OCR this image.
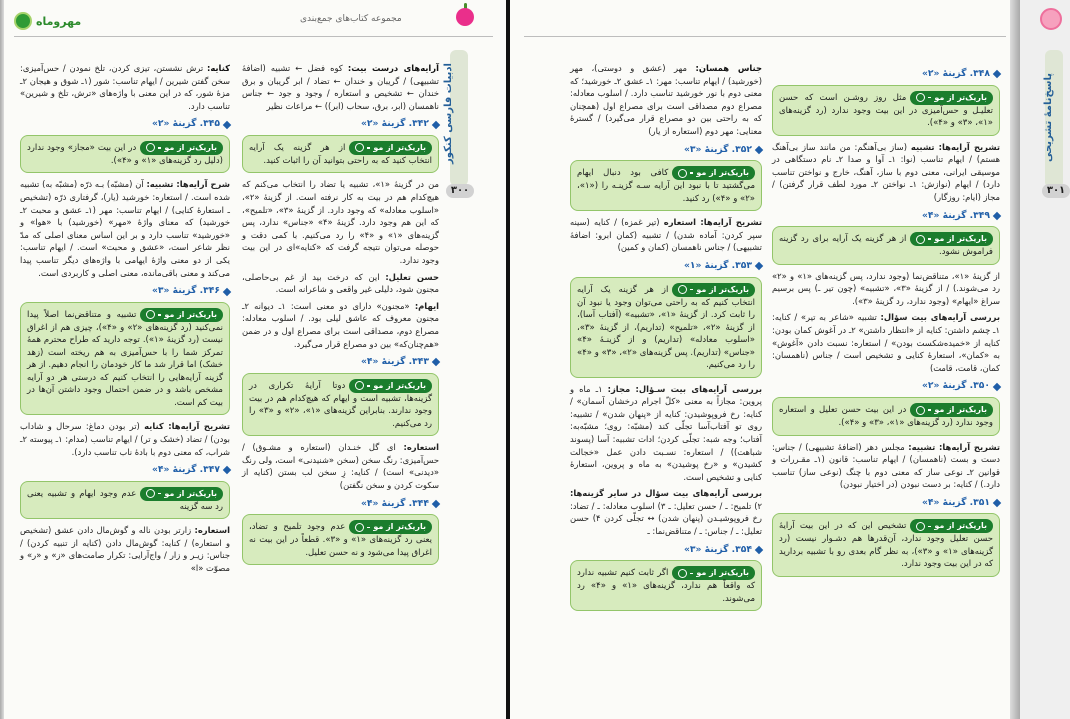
مهروماه	مجموعه کتاب‌های جمع‌بندی
ادبیات فارسی کنکور
۳۰۰

آرایه‌های درست بیت: کوه فضل ← تشبیه (اضافهٔ تشبیهی) / گریبان و خندان ← تضاد / ابر گریبان و برق خندان ← تشخیص و استعاره / وجود و جود ← جناس ناهمسان (ابر، برق، سحاب (ابر)) ← مراعات نظیر

۳۴۲. گزینهٔ «۲»
باریک‌تر از مو
از هر گزینه یک آرایه انتخاب کنید که به راحتی بتوانید آن را اثبات کنید.

من در گزینهٔ «۱»، تشبیه یا تضاد را انتخاب می‌کنم که هیچ‌کدام هم در بیت به کار نرفته است. از گزینهٔ «۲»، «اسلوب معادله» که وجود دارد. از گزینهٔ «۳»، «تلمیح»، که این هم وجود دارد. گزینهٔ «۴» «جناس» ندارد، پس گزینه‌های «۱» و «۴» را رد می‌کنیم. با کمی دقت و حوصله می‌توان نتیجه گرفت که «کنایه»‌ای در این بیت وجود ندارد.

حسن تعلیل: این که درخت بید از غم بی‌حاصلی، مجنون شود، دلیلی غیر واقعی و شاعرانه است.

ایهام: «مجنون» دارای دو معنی است: ۱ـ دیوانه ۲ـ مجنون معروف که عاشق لیلی بود. / اسلوب معادله: مصراع دوم، مصداقی است برای مصراع اول و در ضمن «هم‌چنان‌که» بین دو مصراع قرار می‌گیرد.

۳۴۳. گزینهٔ «۴»
باریک‌تر از مو
دوتا آرایهٔ تکراری در گزینه‌ها، تشبیه است و ایهام که هیچ‌کدام هم در بیت وجود ندارند. بنابراین گزینه‌های «۱»، «۲» و «۳» را رد می‌کنیم.

استعاره: ای گل خنـدان (استعاره و مشـوق) / حس‌آمیزی: رنگ سخن (سخن «شنیدنی» است، ولی رنگ «دیدنی» است) / کنایه: زِ سخن لب بستن (کنایه از سکوت کردن و سخن نگفتن)

۳۴۴. گزینهٔ «۴»
باریک‌تر از مو
عدم وجود تلمیح و تضاد، یعنی رد گزینه‌های «۱» و «۳». قطعاً در این بیت نه اغراق پیدا می‌شود و نه حسن تعلیل.

کنایه: ترش نشستن، تیزی کردن، تلخ نمودن / حس‌آمیزی: سخن گفتن شیرین / ایهام تناسب: شور (۱ـ شوق و هیجان ۲ـ مزهٔ شور، که در این معنی با واژه‌های «ترش، تلخ و شیرین» تناسب دارد.

۳۴۵. گزینهٔ «۲»
باریک‌تر از مو
در این بیت «مجاز» وجود ندارد (دلیل رد گزینه‌های «۱» و «۴»).

شرح آرایه‌ها: تشبیه: آن (مشبّه) بـه ذرّه (مشبّه به) تشبیه شده است. / استعاره: خورشید (یار)، گرفتاری ذرّه (تشخیص ـ استعارهٔ کنایی) / ایهام تناسب: مهر (۱ـ عشق و محبت ۲ـ خورشید) که معنای واژهٔ «مهر» (خورشید) با «هوا» و «خورشید» تناسب دارد و بر این اساس معنای اصلی که مدّ نظر شاعر است، «عشق و محبت» است. / ایهام تناسب: یکی از دو معنی واژهٔ ایهامی با واژه‌های دیگر تناسب پیدا می‌کند و معنی باقی‌مانده، معنی اصلی و کاربردی است.

۳۴۶. گزینهٔ «۳»
باریک‌تر از مو
تشبیه و متناقض‌نما اصلاً پیدا نمی‌کنید (رد گزینه‌های «۲» و «۴»)، چیزی هم از اغراق نیست (رد گزینهٔ «۱»). توجه دارید که طراح محترم همهٔ تمرکز شما را با حس‌آمیزی به هم ریخته است (زهد خشک) اما قرار شد ما کار خودمان را انجام دهیم. از هر گزینه آرایه‌هایی را انتخاب کنیم که درستی هر دو آرایه مشخص باشد و در ضمن احتمال وجود داشتن آن‌ها در بیت کم است.

تشریح آرایه‌ها: کنایه (تر بودن دماغ: سرحال و شاداب بودن) / تضاد (خشک و تر) / ایهام تناسب (مدام: ۱ـ پیوسته ۲ـ شراب، که معنی دوم با بادهٔ ناب تناسب دارد).

۳۴۷. گزینهٔ «۴»
باریک‌تر از مو
عدم وجود ایهام و تشبیه یعنی رد سه گزینه

استعاره: زارتر بودن ناله و گوش‌مال دادن عشق (تشخیص و استعاره) / کنایه: گوش‌مال دادن (کنایه از تنبیه کردن) / جناس: زیـر و زار / واج‌آرایی: تکرار صامت‌های «ز» و «ر» و مصوّت «ا»

پاسخ‌نامهٔ تشریحی
۳۰۱

جناس همسان: مهر (عشق و دوستی)، مهر (خورشید) / ایهام تناسب: مهر: ۱ـ عشق ۲ـ خورشید؛ که معنی دوم با نور خورشید تناسب دارد. / اسلوب معادله: مصراع دوم مصداقی است برای مصراع اول (همچنان که به راحتی بین دو مصراع قرار می‌گیرد) / گسترهٔ معنایی: مهر دوم (استعاره از یار)

۳۵۲. گزینهٔ «۳»
باریک‌تر از مو
کافی بود دنبال ایهام می‌گشتید تا با نبود این آرایه سـه گزینـه را («۱»، «۲» و «۴») رد کنید.

تشریح آرایه‌ها: استعاره (تیر غمزه) / کنایه (سینه سپر کردن: آماده شدن) / تشبیه (کمان ابرو: اضافهٔ تشبیهی) / جناس ناهمسان (کمان و کمین)

۳۵۳. گزینهٔ «۱»
باریک‌تر از مو
از هر گزینه یک آرایه انتخاب کنیم که به راحتی می‌توان وجود یا نبود آن را ثابت کرد. از گزینهٔ «۱»، «تشبیه» (آفتاب آسا)، از گزینهٔ «۲»، «تلمیح» (تداریم)، از گزینهٔ «۳»، «اسلوب معادله» (تداریم) و از گزینـهٔ «۴» «جناس» (تداریم). پس گزینه‌های «۲»، «۳» و «۴» را رد می‌کنیم.

بررسی آرایه‌های بیت سـؤال: مجاز: ۱ـ ماه و پروین: مجازاً به معنی «کلّ اجرام درخشان آسمان» / کنایه: رخ فروپوشیدن: کنایه از «پنهان شدن» / تشبیه: روی تو آفتاب‌آسا تجلّی کند (مشبّه: روی؛ مشبّه‌به: آفتاب؛ وجه شبه: تجلّی کردن؛ ادات تشبیه: آسا (پسوند شباهت)) / استعاره: نسـبت دادن عمل «خجالت کشیدن» و «رخ پوشیدن» به ماه و پروین، استعارهٔ کنایی و تشخیص است.

بررسی آرایه‌های بیت سؤال در سایر گزینه‌ها: ۲) تلمیح: ـ / حسن تعلیل: ـ ۳) اسلوب معادله: ـ / تضاد: رخ فروپوشیـدن (پنهان شدن) ↔ تجلّی کردن ۴) حسن تعلیل: ـ / جناس: ـ / متناقض‌نما: ـ

۳۵۴. گزینهٔ «۳»
باریک‌تر از مو
اگر ثابت کنیم تشبیه ندارد که واقعاً هم ندارد، گزینه‌های «۱» و «۴» رد می‌شوند.
۳۴۸. گزینهٔ «۲»
باریک‌تر از مو
مثل روز روشـن است که حسن تعلیـل و حس‌آمیزی در این بیت وجود ندارد (رد گزینه‌های «۱»، «۳» و «۴»).

تشریح آرایه‌ها: تشبیه (ساز بی‌آهنگم: من مانند ساز بی‌آهنگ هستم) / ایهام تناسب (نوا: ۱ـ آوا و صدا ۲ـ نام دستگاهی در موسیقی ایرانی، معنی دوم با ساز، آهنگ، خارج و نواختن تناسب دارد) / ایهام (نوازش: ۱ـ نواختن ۲ـ مورد لطف قرار گرفتن) / مجاز (ایام: روزگار)

۳۴۹. گزینهٔ «۴»
باریک‌تر از مو
از هر گزینه یک آرایه برای رد گزینه فراموش نشود.

از گزینهٔ «۱»، متناقض‌نما (وجود ندارد، پس گزینه‌های «۱» و «۲» رد می‌شوند.) / از گزینهٔ «۳»، «تشبیه» (چون تیر ـ) پس برسیم سراغ «ایهام» (وجود ندارد، رد گزینهٔ «۳»).

بررسی آرایه‌های بیت سؤال: تشبیه «شاعر به تیر» / کنایه: ۱ـ چشم داشتن: کنایه از «انتظار داشتن» ۲ـ در آغوش کمان بودن: کنایه از «خمیده‌شکست بودن» / استعاره: نسبت دادن «آغوش» به «کمان»، استعارهٔ کنایی و تشخیص است / جناس (ناهمسان: کمان، قامت، قامت)

۳۵۰. گزینهٔ «۲»
باریک‌تر از مو
در این بیت حسن تعلیل و استعاره وجود ندارد (رد گزینه‌های «۱»، «۳» و «۴»).

تشریح آرایه‌ها: تشبیه: مجلس دهر (اضافهٔ تشبیهی) / جناس: دست و بست (ناهمسان) / ایهام تناسب: قانون (۱ـ مقـررات و قوانین ۲ـ نوعی ساز که معنی دوم با چنگ (نوعی ساز) تناسب دارد.) / کنایه: بر دست نبودن (در اختیار نبودن)

۳۵۱. گزینهٔ «۴»
باریک‌تر از مو
تشخیص این که در این بیت آرایهٔ حسن تعلیل وجود ندارد، آن‌قدرها هم دشـوار نیست (رد گزینه‌های «۱» و «۳»)، به نظر گام بعدی رو با تشبیه بردارید که در این بیت وجود ندارد.
